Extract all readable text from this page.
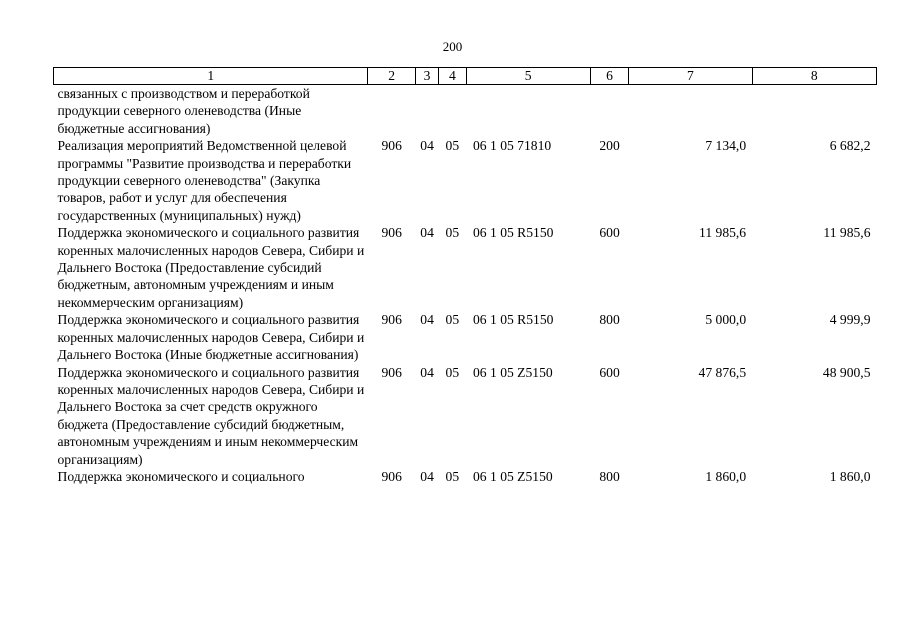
200
1	2	3	4	5	6	7	8
связанных с производством и переработкой продукции северного оленеводства (Иные бюджетные ассигнования)							
Реализация мероприятий Ведомственной целевой программы "Развитие производства и переработки продукции северного оленеводства" (Закупка товаров, работ и услуг для обеспечения государственных (муниципальных) нужд)	906	04	05	06 1 05 71810	200	7 134,0	6 682,2
Поддержка экономического и социального развития коренных малочисленных народов Севера, Сибири и Дальнего Востока (Предоставление субсидий бюджетным, автономным учреждениям и иным некоммерческим организациям)	906	04	05	06 1 05 R5150	600	11 985,6	11 985,6
Поддержка экономического и социального развития коренных малочисленных народов Севера, Сибири и Дальнего Востока (Иные бюджетные ассигнования)	906	04	05	06 1 05 R5150	800	5 000,0	4 999,9
Поддержка экономического и социального развития коренных малочисленных народов Севера, Сибири и Дальнего Востока за счет средств окружного бюджета (Предоставление субсидий бюджетным, автономным учреждениям и иным некоммерческим организациям)	906	04	05	06 1 05 Z5150	600	47 876,5	48 900,5
Поддержка экономического и социального	906	04	05	06 1 05 Z5150	800	1 860,0	1 860,0
